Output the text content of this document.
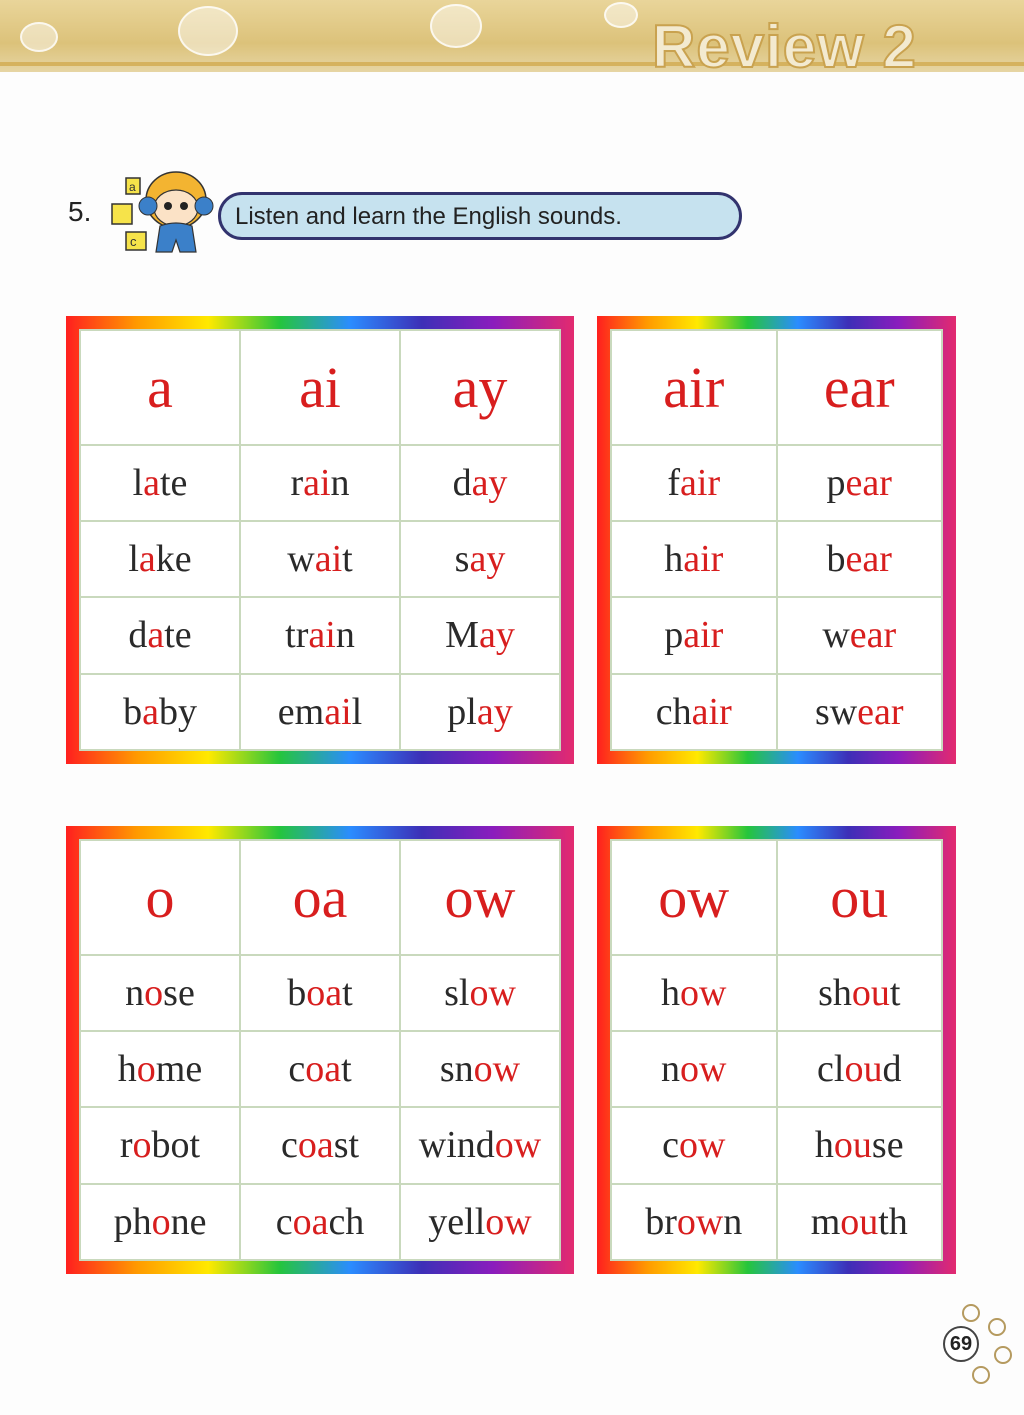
Review 2
5.
a
c
Listen and learn the English sounds.
a	ai	ay
late	rain	day
lake	wait	say
date	train	May
baby	email	play
air	ear
fair	pear
hair	bear
pair	wear
chair	swear
o	oa	ow
nose	boat	slow
home	coat	snow
robot	coast	window
phone	coach	yellow
ow	ou
how	shout
now	cloud
cow	house
brown	mouth
69
